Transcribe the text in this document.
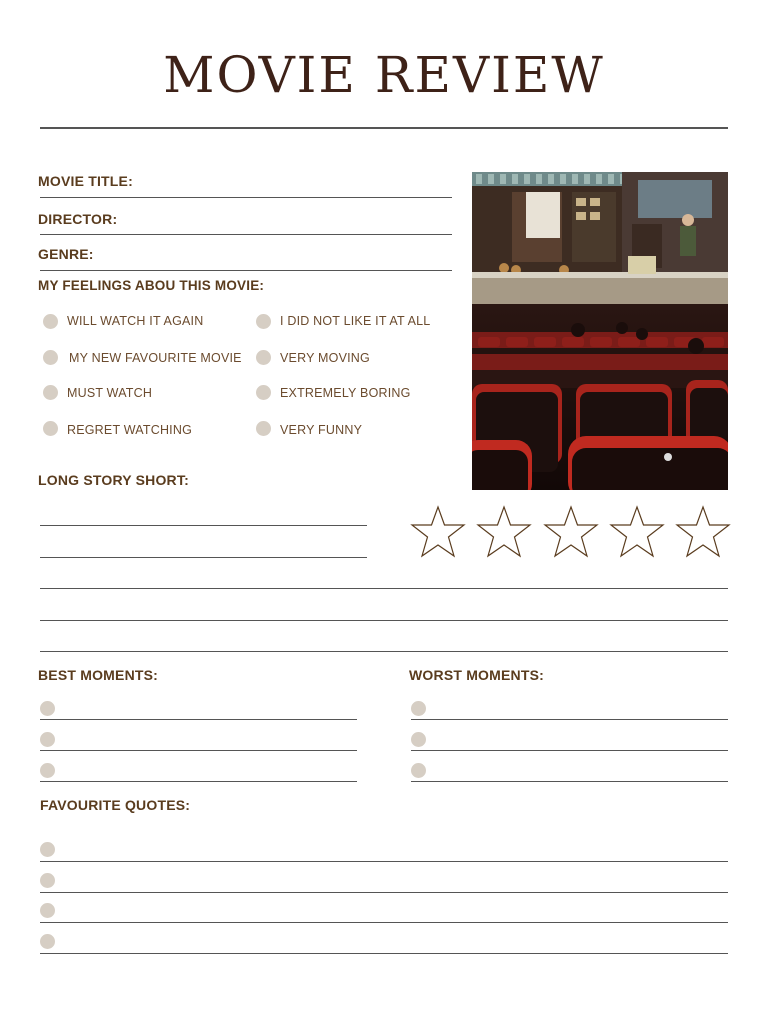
MOVIE REVIEW
MOVIE TITLE:
DIRECTOR:
GENRE:
MY FEELINGS ABOU THIS MOVIE:
WILL WATCH IT AGAIN
MY NEW FAVOURITE MOVIE
MUST WATCH
REGRET WATCHING
I DID NOT LIKE IT AT ALL
VERY MOVING
EXTREMELY BORING
VERY FUNNY
LONG STORY SHORT:
BEST MOMENTS:	WORST MOMENTS:
FAVOURITE QUOTES:
